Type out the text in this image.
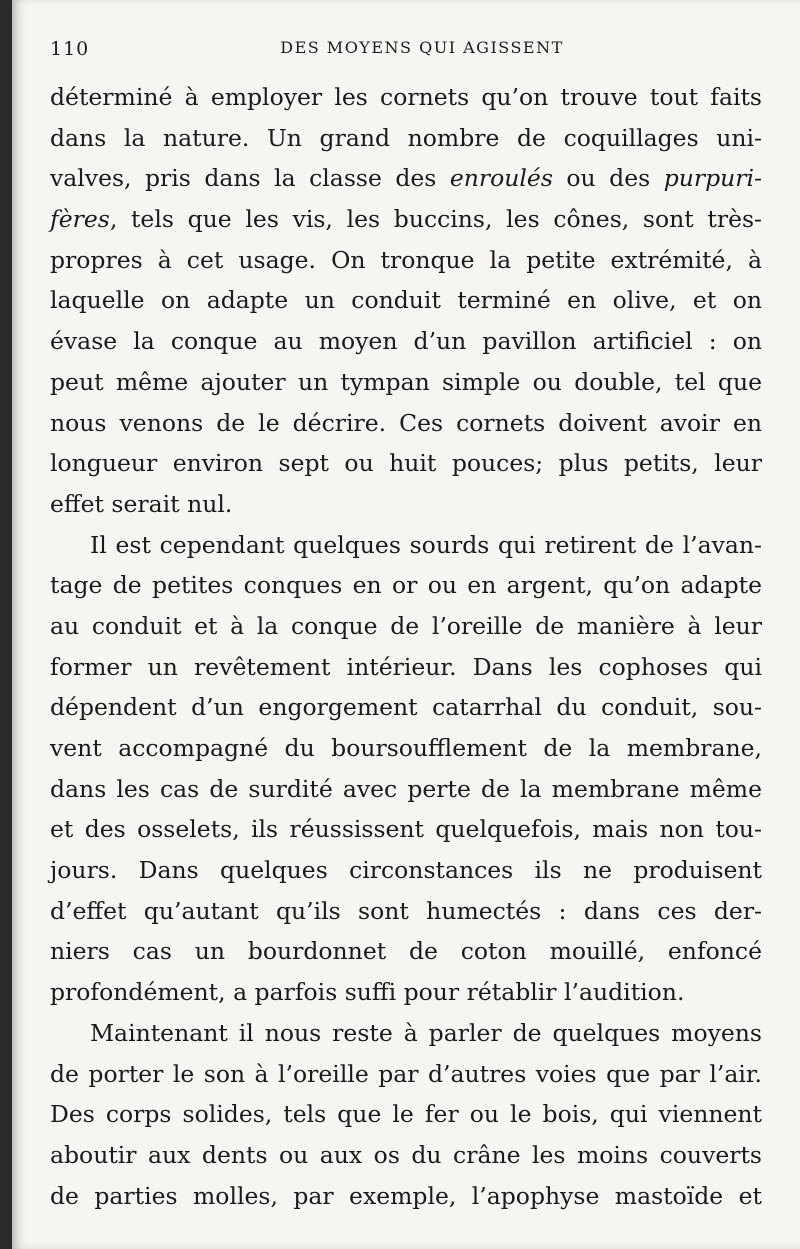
110	DES MOYENS QUI AGISSENT
déterminé à employer les cornets qu’on trouve tout faits
dans la nature. Un grand nombre de coquillages uni-
valves, pris dans la classe des enroulés ou des purpuri-
fères, tels que les vis, les buccins, les cônes, sont très-
propres à cet usage. On tronque la petite extrémité, à
laquelle on adapte un conduit terminé en olive, et on
évase la conque au moyen d’un pavillon artificiel : on
peut même ajouter un tympan simple ou double, tel que
nous venons de le décrire. Ces cornets doivent avoir en
longueur environ sept ou huit pouces; plus petits, leur
effet serait nul.
Il est cependant quelques sourds qui retirent de l’avan-
tage de petites conques en or ou en argent, qu’on adapte
au conduit et à la conque de l’oreille de manière à leur
former un revêtement intérieur. Dans les cophoses qui
dépendent d’un engorgement catarrhal du conduit, sou-
vent accompagné du boursoufflement de la membrane,
dans les cas de surdité avec perte de la membrane même
et des osselets, ils réussissent quelquefois, mais non tou-
jours. Dans quelques circonstances ils ne produisent
d’effet qu’autant qu’ils sont humectés : dans ces der-
niers cas un bourdonnet de coton mouillé, enfoncé
profondément, a parfois suffi pour rétablir l’audition.
Maintenant il nous reste à parler de quelques moyens
de porter le son à l’oreille par d’autres voies que par l’air.
Des corps solides, tels que le fer ou le bois, qui viennent
aboutir aux dents ou aux os du crâne les moins couverts
de parties molles, par exemple, l’apophyse mastoïde et
